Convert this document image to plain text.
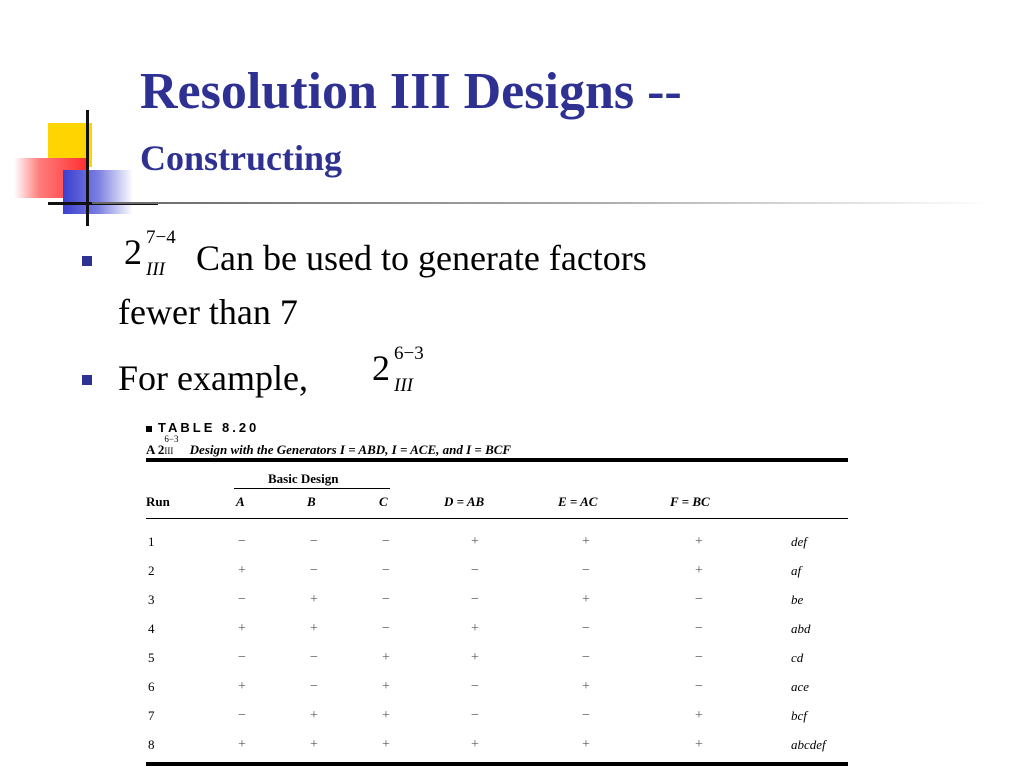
Resolution III Designs --
Constructing
2 7−4
III Can be used to generate factors
fewer than 7
For example, 2 6−3
III
TABLE 8.20
A 2
6−3
III Design with the Generators I = ABD, I = ACE, and I = BCF
Basic Design
Run	A	B	C	D = AB	E = AC	F = BC
1	−	−	−	+	+	+	def
2	+	−	−	−	−	+	af
3	−	+	−	−	+	−	be
4	+	+	−	+	−	−	abd
5	−	−	+	+	−	−	cd
6	+	−	+	−	+	−	ace
7	−	+	+	−	−	+	bcf
8	+	+	+	+	+	+	abcdef
